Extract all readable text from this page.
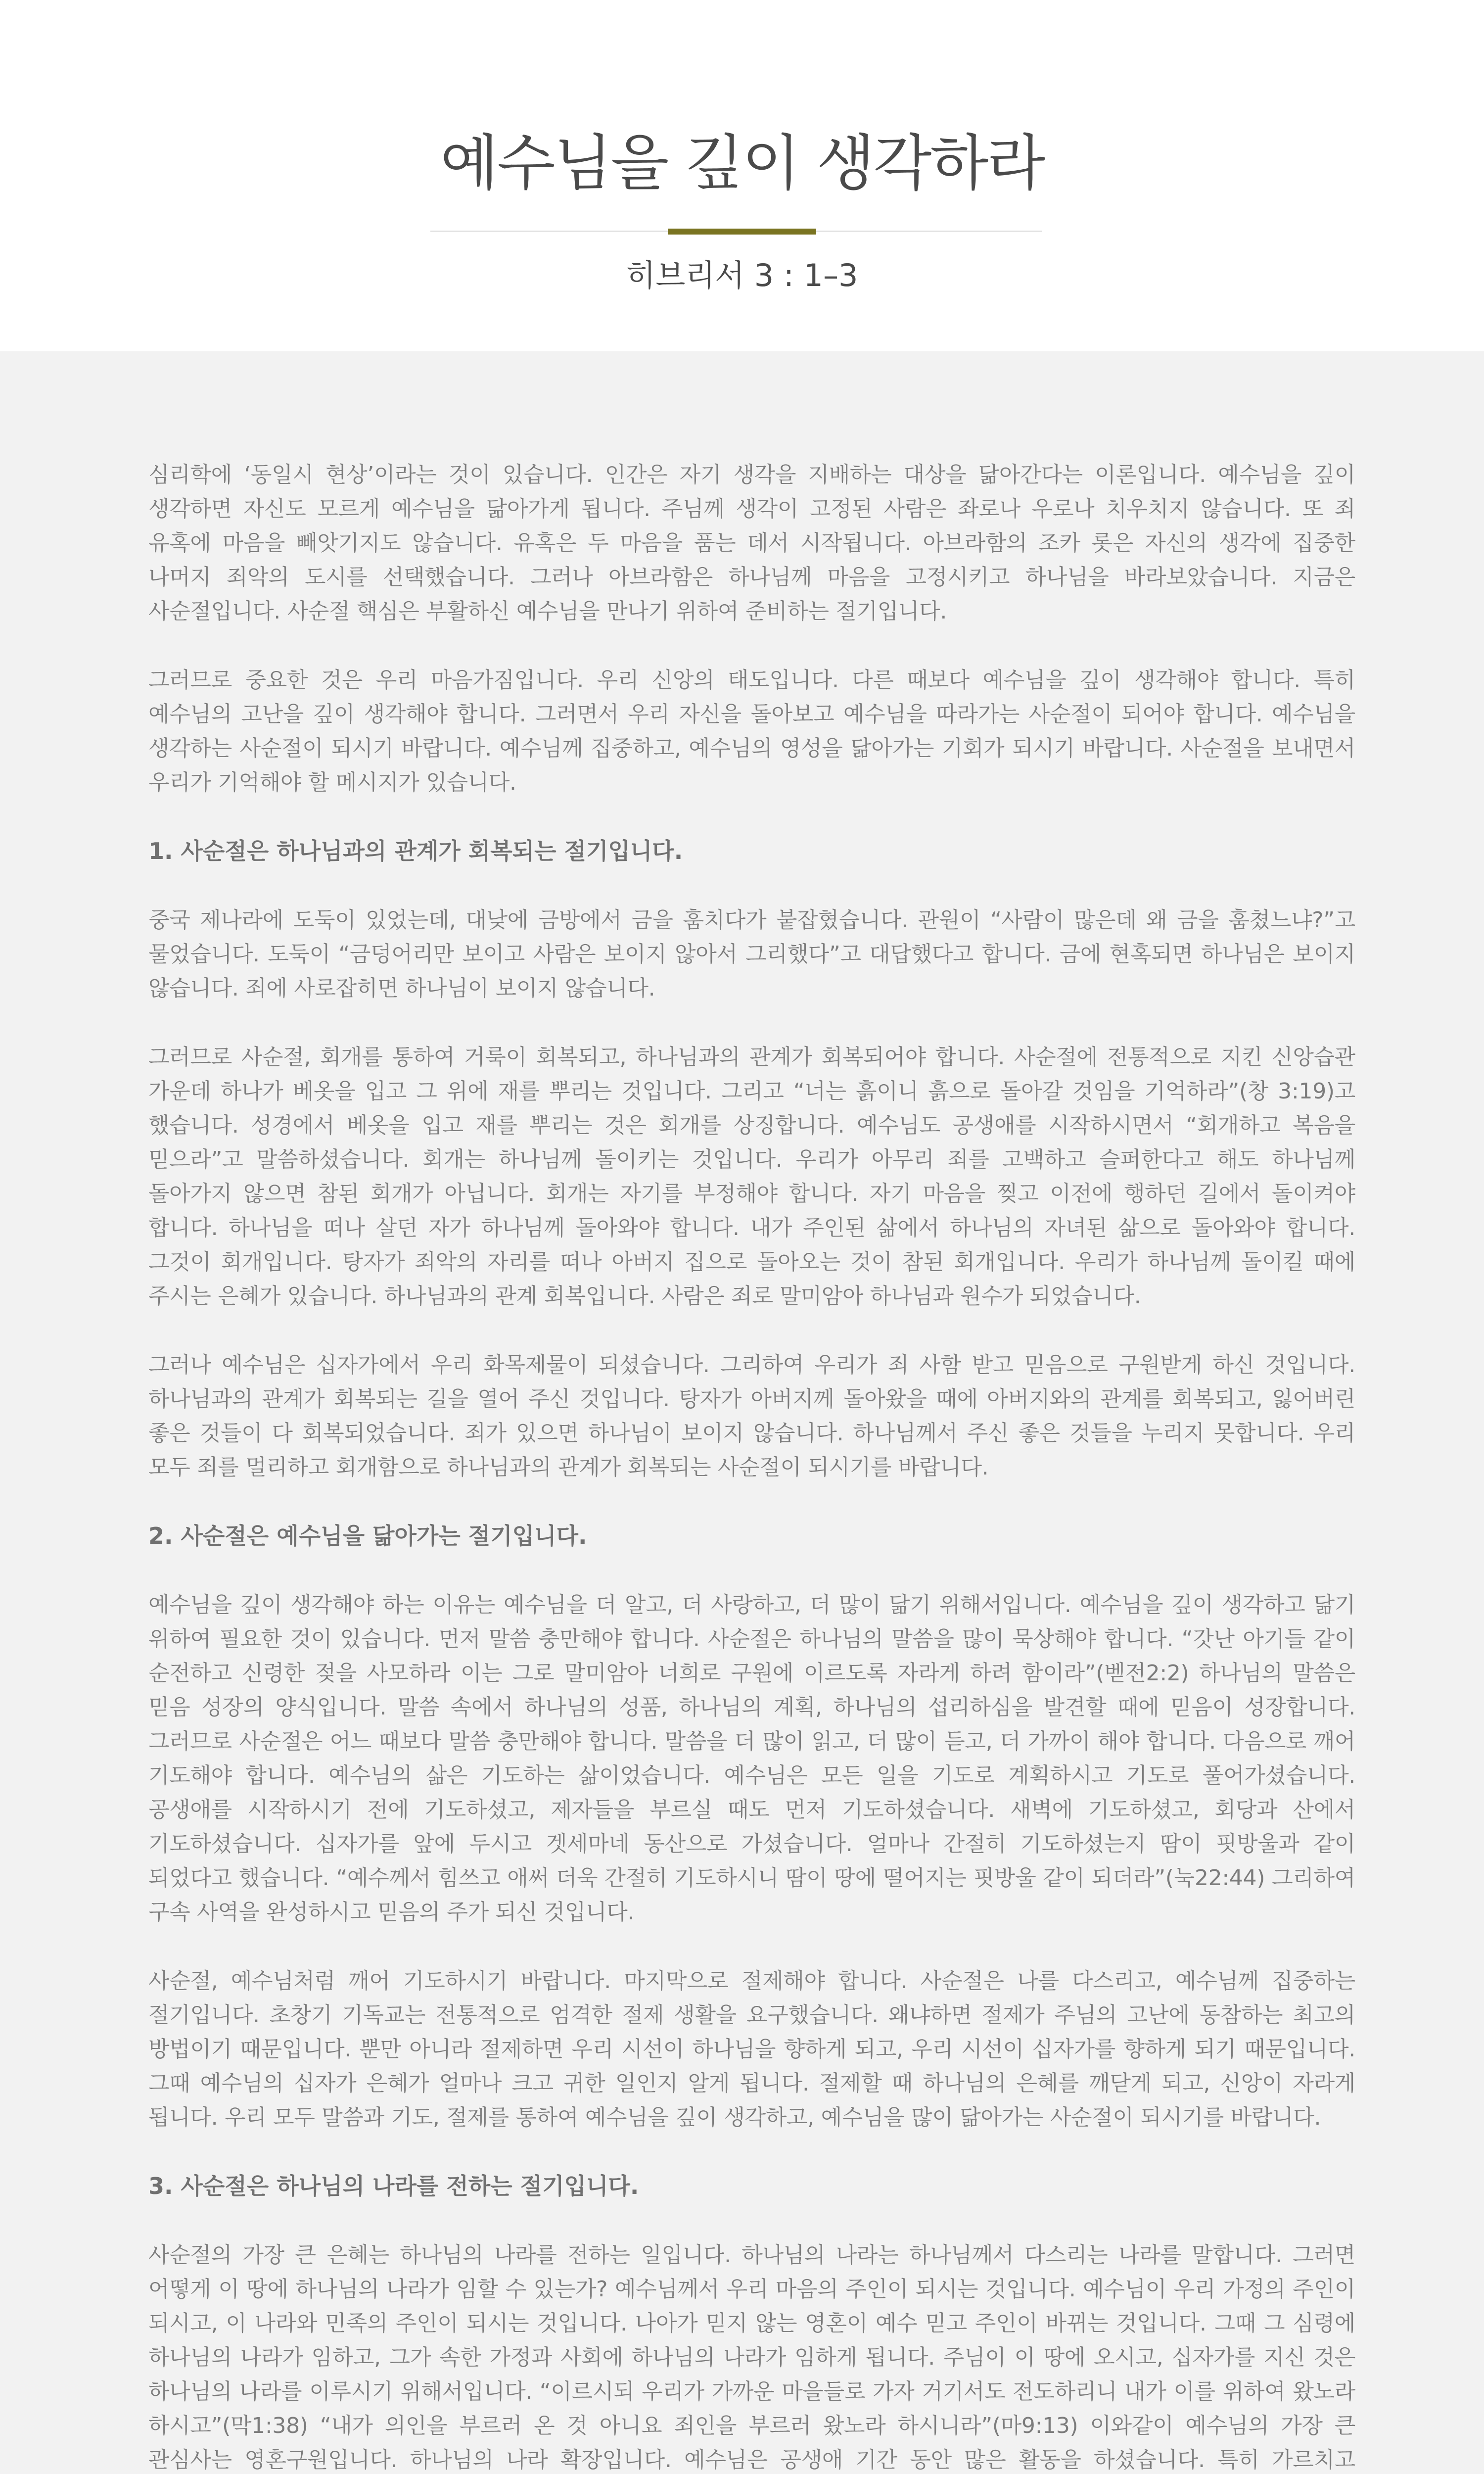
예수님을 깊이 생각하라
히브리서 3 : 1–3

심리학에 ‘동일시 현상’이라는 것이 있습니다. 인간은 자기 생각을 지배하는 대상을 닮아간다는 이론입니다. 예수님을 깊이 생각하면 자신도 모르게 예수님을 닮아가게 됩니다. 주님께 생각이 고정된 사람은 좌로나 우로나 치우치지 않습니다. 또 죄 유혹에 마음을 빼앗기지도 않습니다. 유혹은 두 마음을 품는 데서 시작됩니다. 아브라함의 조카 롯은 자신의 생각에 집중한 나머지 죄악의 도시를 선택했습니다. 그러나 아브라함은 하나님께 마음을 고정시키고 하나님을 바라보았습니다. 지금은 사순절입니다. 사순절 핵심은 부활하신 예수님을 만나기 위하여 준비하는 절기입니다.

그러므로 중요한 것은 우리 마음가짐입니다. 우리 신앙의 태도입니다. 다른 때보다 예수님을 깊이 생각해야 합니다. 특히 예수님의 고난을 깊이 생각해야 합니다. 그러면서 우리 자신을 돌아보고 예수님을 따라가는 사순절이 되어야 합니다. 예수님을 생각하는 사순절이 되시기 바랍니다. 예수님께 집중하고, 예수님의 영성을 닮아가는 기회가 되시기 바랍니다. 사순절을 보내면서 우리가 기억해야 할 메시지가 있습니다.

1. 사순절은 하나님과의 관계가 회복되는 절기입니다.

중국 제나라에 도둑이 있었는데, 대낮에 금방에서 금을 훔치다가 붙잡혔습니다. 관원이 “사람이 많은데 왜 금을 훔쳤느냐?”고 물었습니다. 도둑이 “금덩어리만 보이고 사람은 보이지 않아서 그리했다”고 대답했다고 합니다. 금에 현혹되면 하나님은 보이지 않습니다. 죄에 사로잡히면 하나님이 보이지 않습니다.

그러므로 사순절, 회개를 통하여 거룩이 회복되고, 하나님과의 관계가 회복되어야 합니다. 사순절에 전통적으로 지킨 신앙습관 가운데 하나가 베옷을 입고 그 위에 재를 뿌리는 것입니다. 그리고 “너는 흙이니 흙으로 돌아갈 것임을 기억하라”(창 3:19)고 했습니다. 성경에서 베옷을 입고 재를 뿌리는 것은 회개를 상징합니다. 예수님도 공생애를 시작하시면서 “회개하고 복음을 믿으라”고 말씀하셨습니다. 회개는 하나님께 돌이키는 것입니다. 우리가 아무리 죄를 고백하고 슬퍼한다고 해도 하나님께 돌아가지 않으면 참된 회개가 아닙니다. 회개는 자기를 부정해야 합니다. 자기 마음을 찢고 이전에 행하던 길에서 돌이켜야 합니다. 하나님을 떠나 살던 자가 하나님께 돌아와야 합니다. 내가 주인된 삶에서 하나님의 자녀된 삶으로 돌아와야 합니다. 그것이 회개입니다. 탕자가 죄악의 자리를 떠나 아버지 집으로 돌아오는 것이 참된 회개입니다. 우리가 하나님께 돌이킬 때에 주시는 은혜가 있습니다. 하나님과의 관계 회복입니다. 사람은 죄로 말미암아 하나님과 원수가 되었습니다.

그러나 예수님은 십자가에서 우리 화목제물이 되셨습니다. 그리하여 우리가 죄 사함 받고 믿음으로 구원받게 하신 것입니다. 하나님과의 관계가 회복되는 길을 열어 주신 것입니다. 탕자가 아버지께 돌아왔을 때에 아버지와의 관계를 회복되고, 잃어버린 좋은 것들이 다 회복되었습니다. 죄가 있으면 하나님이 보이지 않습니다. 하나님께서 주신 좋은 것들을 누리지 못합니다. 우리 모두 죄를 멀리하고 회개함으로 하나님과의 관계가 회복되는 사순절이 되시기를 바랍니다.

2. 사순절은 예수님을 닮아가는 절기입니다.

예수님을 깊이 생각해야 하는 이유는 예수님을 더 알고, 더 사랑하고, 더 많이 닮기 위해서입니다. 예수님을 깊이 생각하고 닮기 위하여 필요한 것이 있습니다. 먼저 말씀 충만해야 합니다. 사순절은 하나님의 말씀을 많이 묵상해야 합니다. “갓난 아기들 같이 순전하고 신령한 젖을 사모하라 이는 그로 말미암아 너희로 구원에 이르도록 자라게 하려 함이라”(벧전2:2) 하나님의 말씀은 믿음 성장의 양식입니다. 말씀 속에서 하나님의 성품, 하나님의 계획, 하나님의 섭리하심을 발견할 때에 믿음이 성장합니다. 그러므로 사순절은 어느 때보다 말씀 충만해야 합니다. 말씀을 더 많이 읽고, 더 많이 듣고, 더 가까이 해야 합니다. 다음으로 깨어 기도해야 합니다. 예수님의 삶은 기도하는 삶이었습니다. 예수님은 모든 일을 기도로 계획하시고 기도로 풀어가셨습니다. 공생애를 시작하시기 전에 기도하셨고, 제자들을 부르실 때도 먼저 기도하셨습니다. 새벽에 기도하셨고, 회당과 산에서 기도하셨습니다. 십자가를 앞에 두시고 겟세마네 동산으로 가셨습니다. 얼마나 간절히 기도하셨는지 땀이 핏방울과 같이 되었다고 했습니다. “예수께서 힘쓰고 애써 더욱 간절히 기도하시니 땀이 땅에 떨어지는 핏방울 같이 되더라”(눅22:44) 그리하여 구속 사역을 완성하시고 믿음의 주가 되신 것입니다.

사순절, 예수님처럼 깨어 기도하시기 바랍니다. 마지막으로 절제해야 합니다. 사순절은 나를 다스리고, 예수님께 집중하는 절기입니다. 초창기 기독교는 전통적으로 엄격한 절제 생활을 요구했습니다. 왜냐하면 절제가 주님의 고난에 동참하는 최고의 방법이기 때문입니다. 뿐만 아니라 절제하면 우리 시선이 하나님을 향하게 되고, 우리 시선이 십자가를 향하게 되기 때문입니다. 그때 예수님의 십자가 은혜가 얼마나 크고 귀한 일인지 알게 됩니다. 절제할 때 하나님의 은혜를 깨닫게 되고, 신앙이 자라게 됩니다. 우리 모두 말씀과 기도, 절제를 통하여 예수님을 깊이 생각하고, 예수님을 많이 닮아가는 사순절이 되시기를 바랍니다.

3. 사순절은 하나님의 나라를 전하는 절기입니다.

사순절의 가장 큰 은혜는 하나님의 나라를 전하는 일입니다. 하나님의 나라는 하나님께서 다스리는 나라를 말합니다. 그러면 어떻게 이 땅에 하나님의 나라가 임할 수 있는가? 예수님께서 우리 마음의 주인이 되시는 것입니다. 예수님이 우리 가정의 주인이 되시고, 이 나라와 민족의 주인이 되시는 것입니다. 나아가 믿지 않는 영혼이 예수 믿고 주인이 바뀌는 것입니다. 그때 그 심령에 하나님의 나라가 임하고, 그가 속한 가정과 사회에 하나님의 나라가 임하게 됩니다. 주님이 이 땅에 오시고, 십자가를 지신 것은 하나님의 나라를 이루시기 위해서입니다. “이르시되 우리가 가까운 마을들로 가자 거기서도 전도하리니 내가 이를 위하여 왔노라 하시고”(막1:38) “내가 의인을 부르러 온 것 아니요 죄인을 부르러 왔노라 하시니라”(마9:13) 이와같이 예수님의 가장 큰 관심사는 영혼구원입니다. 하나님의 나라 확장입니다. 예수님은 공생애 기간 동안 많은 활동을 하셨습니다. 특히 가르치고
